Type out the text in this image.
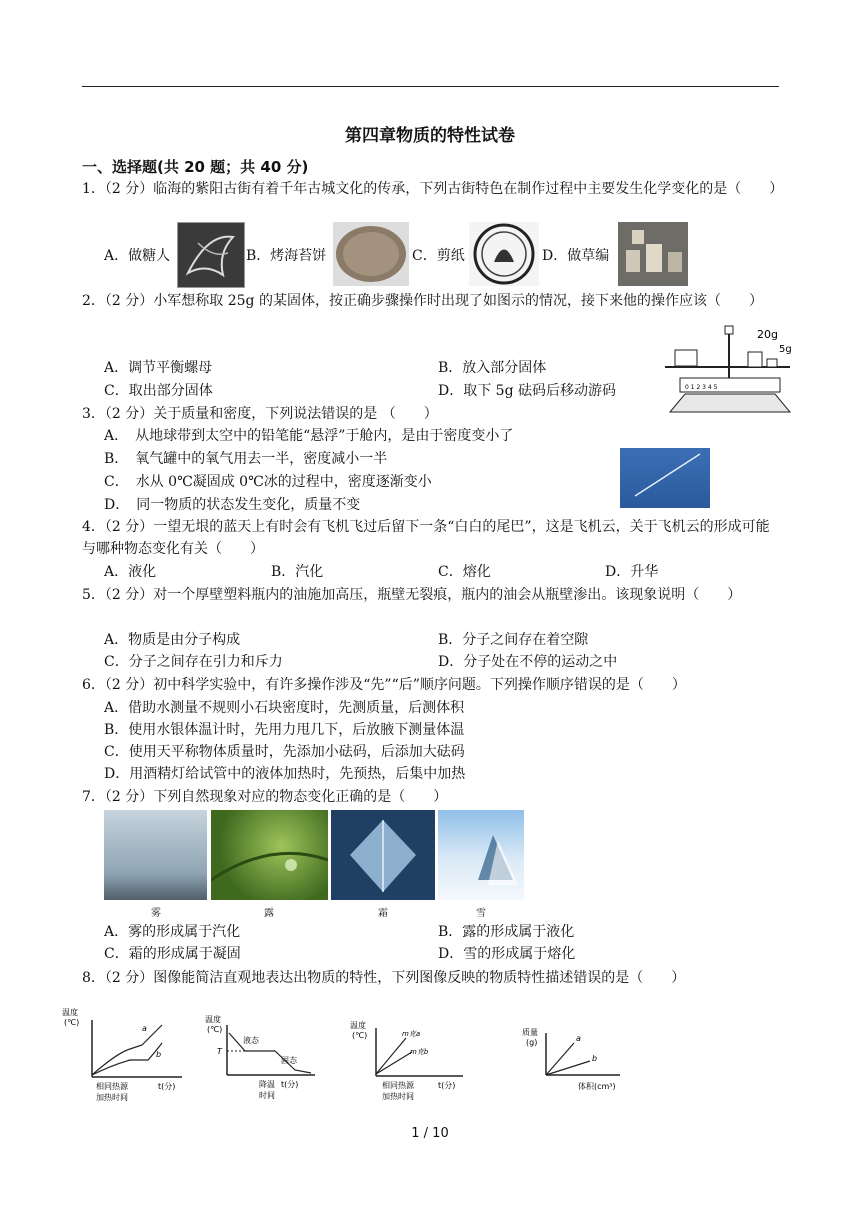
第四章物质的特性试卷
一、选择题(共 20 题；共 40 分)
1．（2 分）临海的紫阳古街有着千年古城文化的传承，下列古街特色在制作过程中主要发生化学变化的是（　　）
A．做糖人	B．烤海苔饼	C．剪纸	D．做草编
2．（2 分）小军想称取 25g 的某固体，按正确步骤操作时出现了如图示的情况，接下来他的操作应该（　　）
A．调节平衡螺母	B．放入部分固体
C．取出部分固体	D．取下 5g 砝码后移动游码	0 1 2 3 4 5
20g
5g
3．（2 分）关于质量和密度，下列说法错误的是 （　　）
A．　从地球带到太空中的铅笔能“悬浮”于舱内，是由于密度变小了
B．　氧气罐中的氧气用去一半，密度减小一半
C．　水从 0℃凝固成 0℃冰的过程中，密度逐渐变小
D．　同一物质的状态发生变化，质量不变
4．（2 分）一望无垠的蓝天上有时会有飞机飞过后留下一条“白白的尾巴”，这是飞机云，关于飞机云的形成可能与哪种物态变化有关（　　）
A．液化	B．汽化	C．熔化	D．升华
5．（2 分）对一个厚壁塑料瓶内的油施加高压，瓶壁无裂痕，瓶内的油会从瓶壁渗出。该现象说明（　　）
A．物质是由分子构成	B．分子之间存在着空隙
C．分子之间存在引力和斥力	D．分子处在不停的运动之中
6．（2 分）初中科学实验中，有许多操作涉及“先”“后”顺序问题。下列操作顺序错误的是（　　）
A．借助水测量不规则小石块密度时，先测质量，后测体积
B．使用水银体温计时，先用力甩几下，后放腋下测量体温
C．使用天平称物体质量时，先添加小砝码，后添加大砝码
D．用酒精灯给试管中的液体加热时，先预热，后集中加热
7．（2 分）下列自然现象对应的物态变化正确的是（　　）
雾	露	霜	雪
A．雾的形成属于汽化	B．露的形成属于液化
C．霜的形成属于凝固	D．雪的形成属于熔化
8．（2 分）图像能简洁直观地表达出物质的特性，下列图像反映的物质特性描述错误的是（　　）
温度
(℃)
a
b
相同热源
加热时间
t(分)
温度
(℃)
T
液态
固态
降温
时间
t(分)
温度
(℃)	m克a
m克b
相同热源
加热时间
t(分)
质量
(g)	a
b
体积(cm³)
1 / 10
